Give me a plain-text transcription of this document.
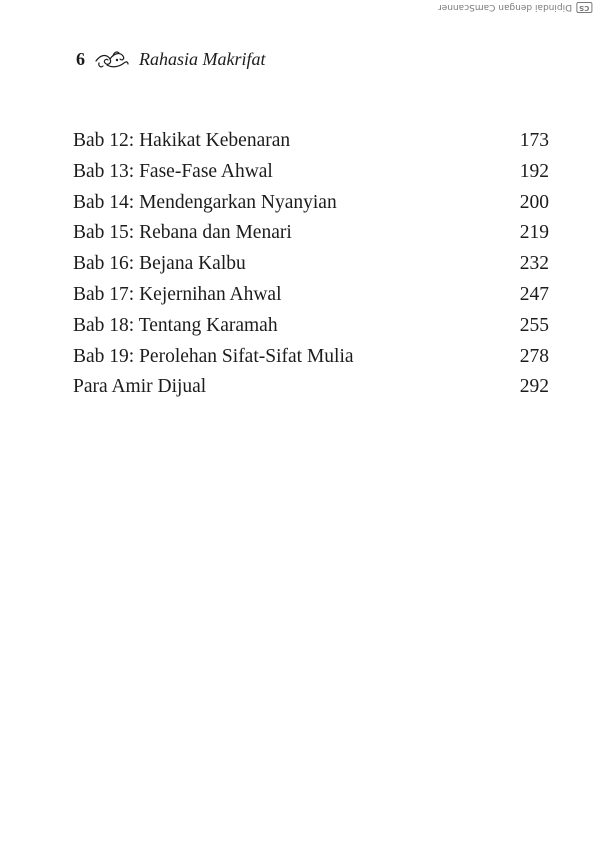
CS
Dipindai dengan CamScanner
6	Rahasia Makrifat
Bab 12: Hakikat Kebenaran	173
Bab 13: Fase-Fase Ahwal	192
Bab 14: Mendengarkan Nyanyian	200
Bab 15: Rebana dan Menari	219
Bab 16: Bejana Kalbu	232
Bab 17: Kejernihan Ahwal	247
Bab 18: Tentang Karamah	255
Bab 19: Perolehan Sifat-Sifat Mulia	278
Para Amir Dijual	292
